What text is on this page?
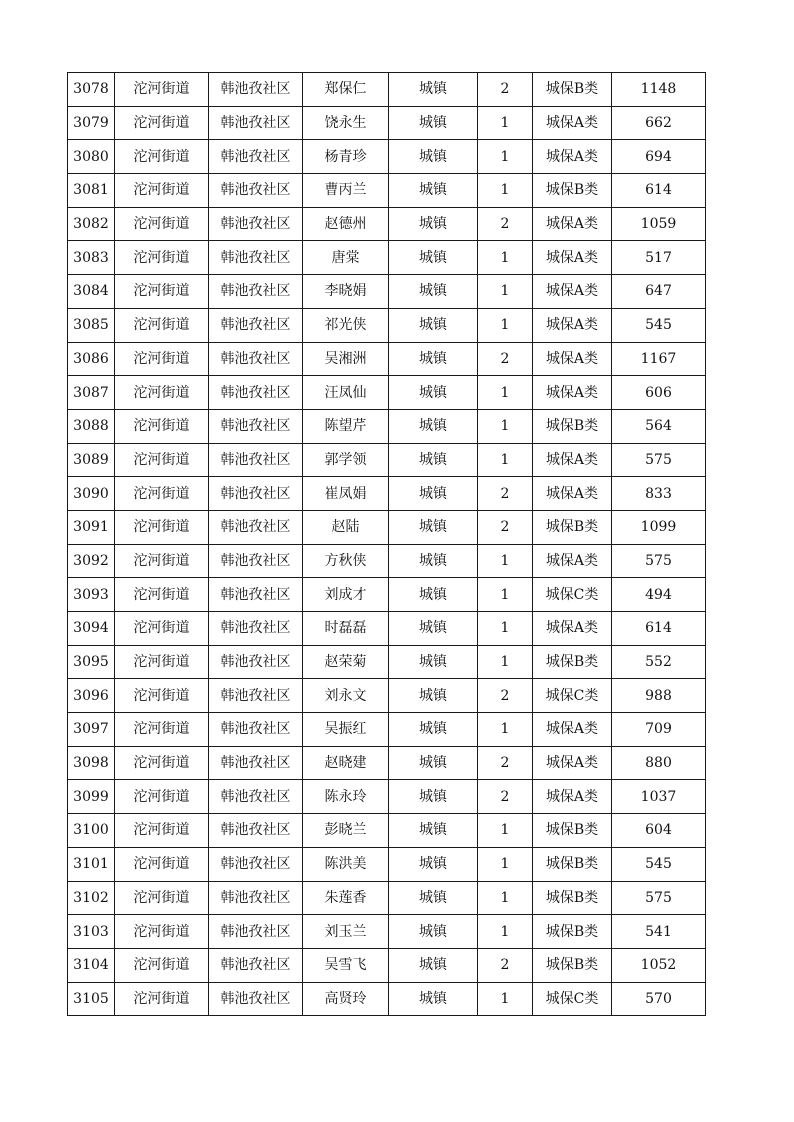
3078	沱河街道	韩池孜社区	郑保仁	城镇	2	城保B类	1148
3079	沱河街道	韩池孜社区	饶永生	城镇	1	城保A类	662
3080	沱河街道	韩池孜社区	杨青珍	城镇	1	城保A类	694
3081	沱河街道	韩池孜社区	曹丙兰	城镇	1	城保B类	614
3082	沱河街道	韩池孜社区	赵德州	城镇	2	城保A类	1059
3083	沱河街道	韩池孜社区	唐棠	城镇	1	城保A类	517
3084	沱河街道	韩池孜社区	李晓娟	城镇	1	城保A类	647
3085	沱河街道	韩池孜社区	祁光侠	城镇	1	城保A类	545
3086	沱河街道	韩池孜社区	吴湘洲	城镇	2	城保A类	1167
3087	沱河街道	韩池孜社区	汪凤仙	城镇	1	城保A类	606
3088	沱河街道	韩池孜社区	陈望芹	城镇	1	城保B类	564
3089	沱河街道	韩池孜社区	郭学领	城镇	1	城保A类	575
3090	沱河街道	韩池孜社区	崔凤娟	城镇	2	城保A类	833
3091	沱河街道	韩池孜社区	赵陆	城镇	2	城保B类	1099
3092	沱河街道	韩池孜社区	方秋侠	城镇	1	城保A类	575
3093	沱河街道	韩池孜社区	刘成才	城镇	1	城保C类	494
3094	沱河街道	韩池孜社区	时磊磊	城镇	1	城保A类	614
3095	沱河街道	韩池孜社区	赵荣菊	城镇	1	城保B类	552
3096	沱河街道	韩池孜社区	刘永文	城镇	2	城保C类	988
3097	沱河街道	韩池孜社区	吴振红	城镇	1	城保A类	709
3098	沱河街道	韩池孜社区	赵晓建	城镇	2	城保A类	880
3099	沱河街道	韩池孜社区	陈永玲	城镇	2	城保A类	1037
3100	沱河街道	韩池孜社区	彭晓兰	城镇	1	城保B类	604
3101	沱河街道	韩池孜社区	陈洪美	城镇	1	城保B类	545
3102	沱河街道	韩池孜社区	朱莲香	城镇	1	城保B类	575
3103	沱河街道	韩池孜社区	刘玉兰	城镇	1	城保B类	541
3104	沱河街道	韩池孜社区	吴雪飞	城镇	2	城保B类	1052
3105	沱河街道	韩池孜社区	高贤玲	城镇	1	城保C类	570
